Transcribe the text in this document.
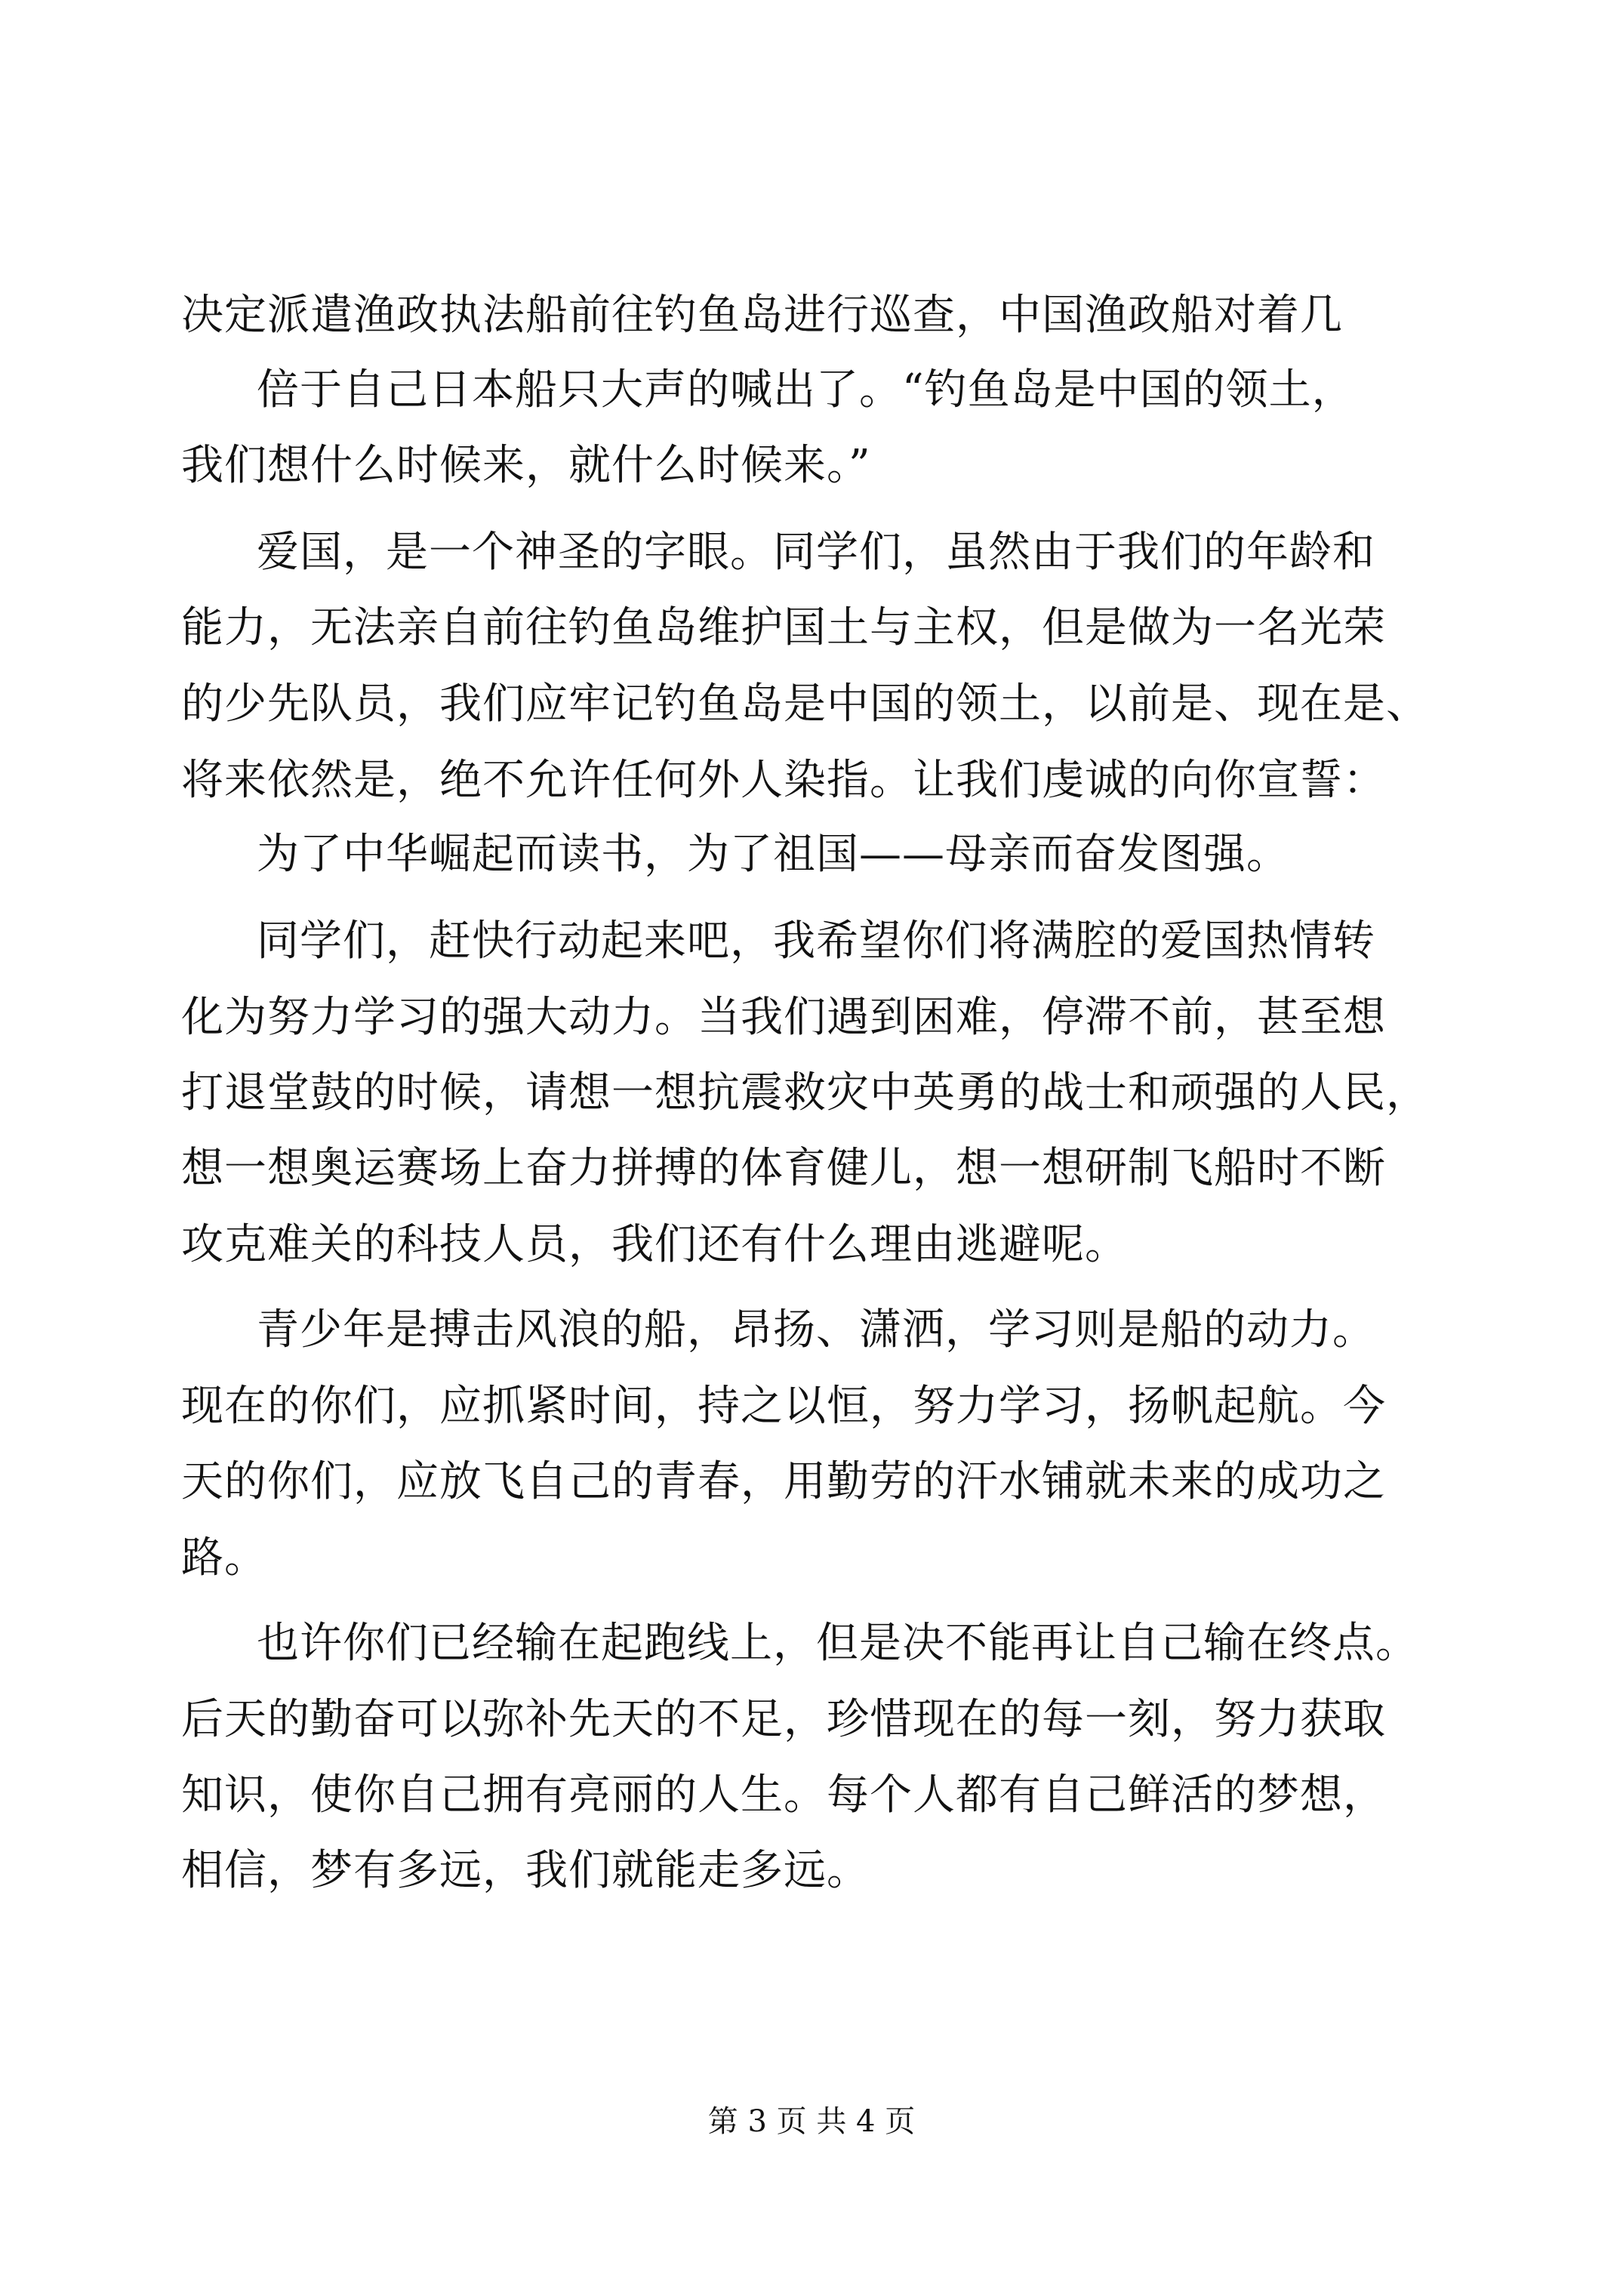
决定派遣渔政执法船前往钓鱼岛进行巡查，中国渔政船对着几
倍于自己日本船只大声的喊出了。“钓鱼岛是中国的领土，
我们想什么时候来，就什么时候来。”
爱国，是一个神圣的字眼。同学们，虽然由于我们的年龄和
能力，无法亲自前往钓鱼岛维护国土与主权，但是做为一名光荣
的少先队员，我们应牢记钓鱼岛是中国的领土，以前是、现在是、
将来依然是，绝不允许任何外人染指。让我们虔诚的向你宣誓：
为了中华崛起而读书，为了祖国——母亲而奋发图强。
同学们，赶快行动起来吧，我希望你们将满腔的爱国热情转
化为努力学习的强大动力。当我们遇到困难，停滞不前，甚至想
打退堂鼓的时候，请想一想抗震救灾中英勇的战士和顽强的人民，
想一想奥运赛场上奋力拼搏的体育健儿，想一想研制飞船时不断
攻克难关的科技人员，我们还有什么理由逃避呢。
青少年是搏击风浪的船，昂扬、潇洒，学习则是船的动力。
现在的你们，应抓紧时间，持之以恒，努力学习，扬帆起航。今
天的你们，应放飞自己的青春，用勤劳的汗水铺就未来的成功之
路。
也许你们已经输在起跑线上，但是决不能再让自己输在终点。
后天的勤奋可以弥补先天的不足，珍惜现在的每一刻，努力获取
知识，使你自己拥有亮丽的人生。每个人都有自己鲜活的梦想，
相信，梦有多远，我们就能走多远。
第 3 页 共 4 页
